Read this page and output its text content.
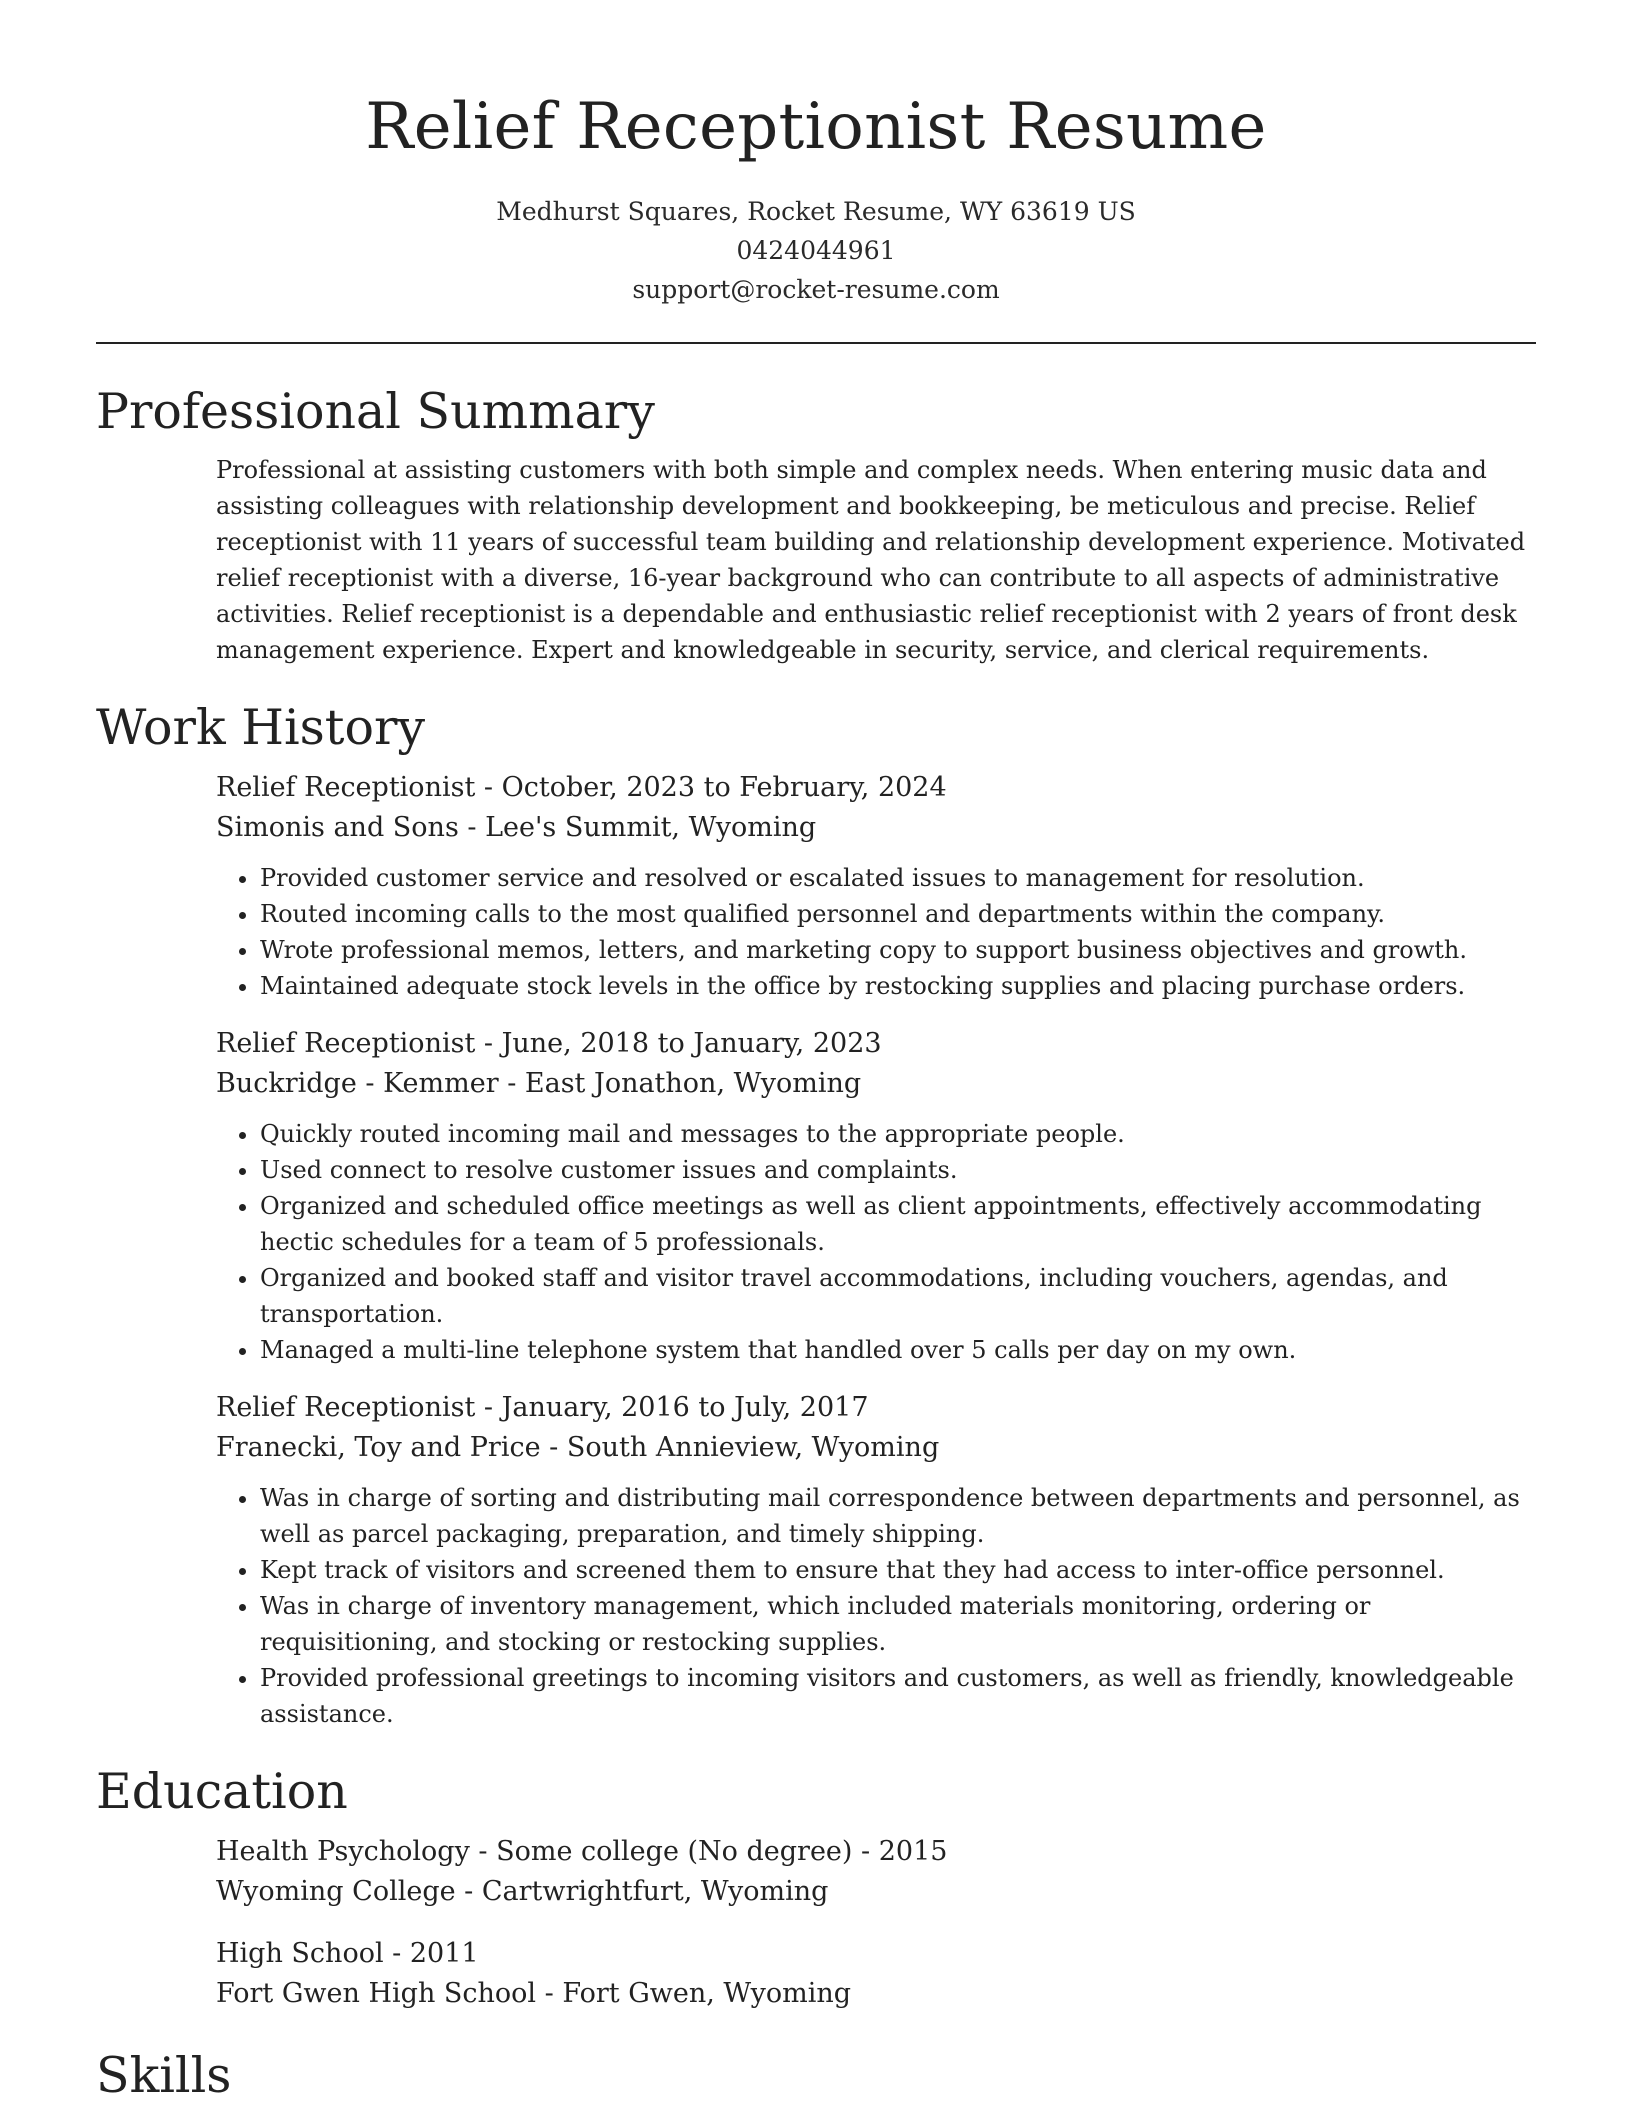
Relief Receptionist Resume
Medhurst Squares, Rocket Resume, WY 63619 US
0424044961
support@rocket-resume.com
Professional Summary

Professional at assisting customers with both simple and complex needs. When entering music data and assisting colleagues with relationship development and bookkeeping, be meticulous and precise. Relief receptionist with 11 years of successful team building and relationship development experience. Motivated relief receptionist with a diverse, 16-year background who can contribute to all aspects of administrative activities. Relief receptionist is a dependable and enthusiastic relief receptionist with 2 years of front desk management experience. Expert and knowledgeable in security, service, and clerical requirements.

Work History
Relief Receptionist - October, 2023 to February, 2024
Simonis and Sons - Lee's Summit, Wyoming
• Provided customer service and resolved or escalated issues to management for resolution.
• Routed incoming calls to the most qualified personnel and departments within the company.
• Wrote professional memos, letters, and marketing copy to support business objectives and growth.
• Maintained adequate stock levels in the office by restocking supplies and placing purchase orders.
Relief Receptionist - June, 2018 to January, 2023
Buckridge - Kemmer - East Jonathon, Wyoming
• Quickly routed incoming mail and messages to the appropriate people.
• Used connect to resolve customer issues and complaints.
• Organized and scheduled office meetings as well as client appointments, effectively accommodating hectic schedules for a team of 5 professionals.
• Organized and booked staff and visitor travel accommodations, including vouchers, agendas, and transportation.
• Managed a multi-line telephone system that handled over 5 calls per day on my own.
Relief Receptionist - January, 2016 to July, 2017
Franecki, Toy and Price - South Annieview, Wyoming
• Was in charge of sorting and distributing mail correspondence between departments and personnel, as well as parcel packaging, preparation, and timely shipping.
• Kept track of visitors and screened them to ensure that they had access to inter-office personnel.
• Was in charge of inventory management, which included materials monitoring, ordering or requisitioning, and stocking or restocking supplies.
• Provided professional greetings to incoming visitors and customers, as well as friendly, knowledgeable assistance.
Education
Health Psychology - Some college (No degree) - 2015
Wyoming College - Cartwrightfurt, Wyoming
High School - 2011
Fort Gwen High School - Fort Gwen, Wyoming
Skills
